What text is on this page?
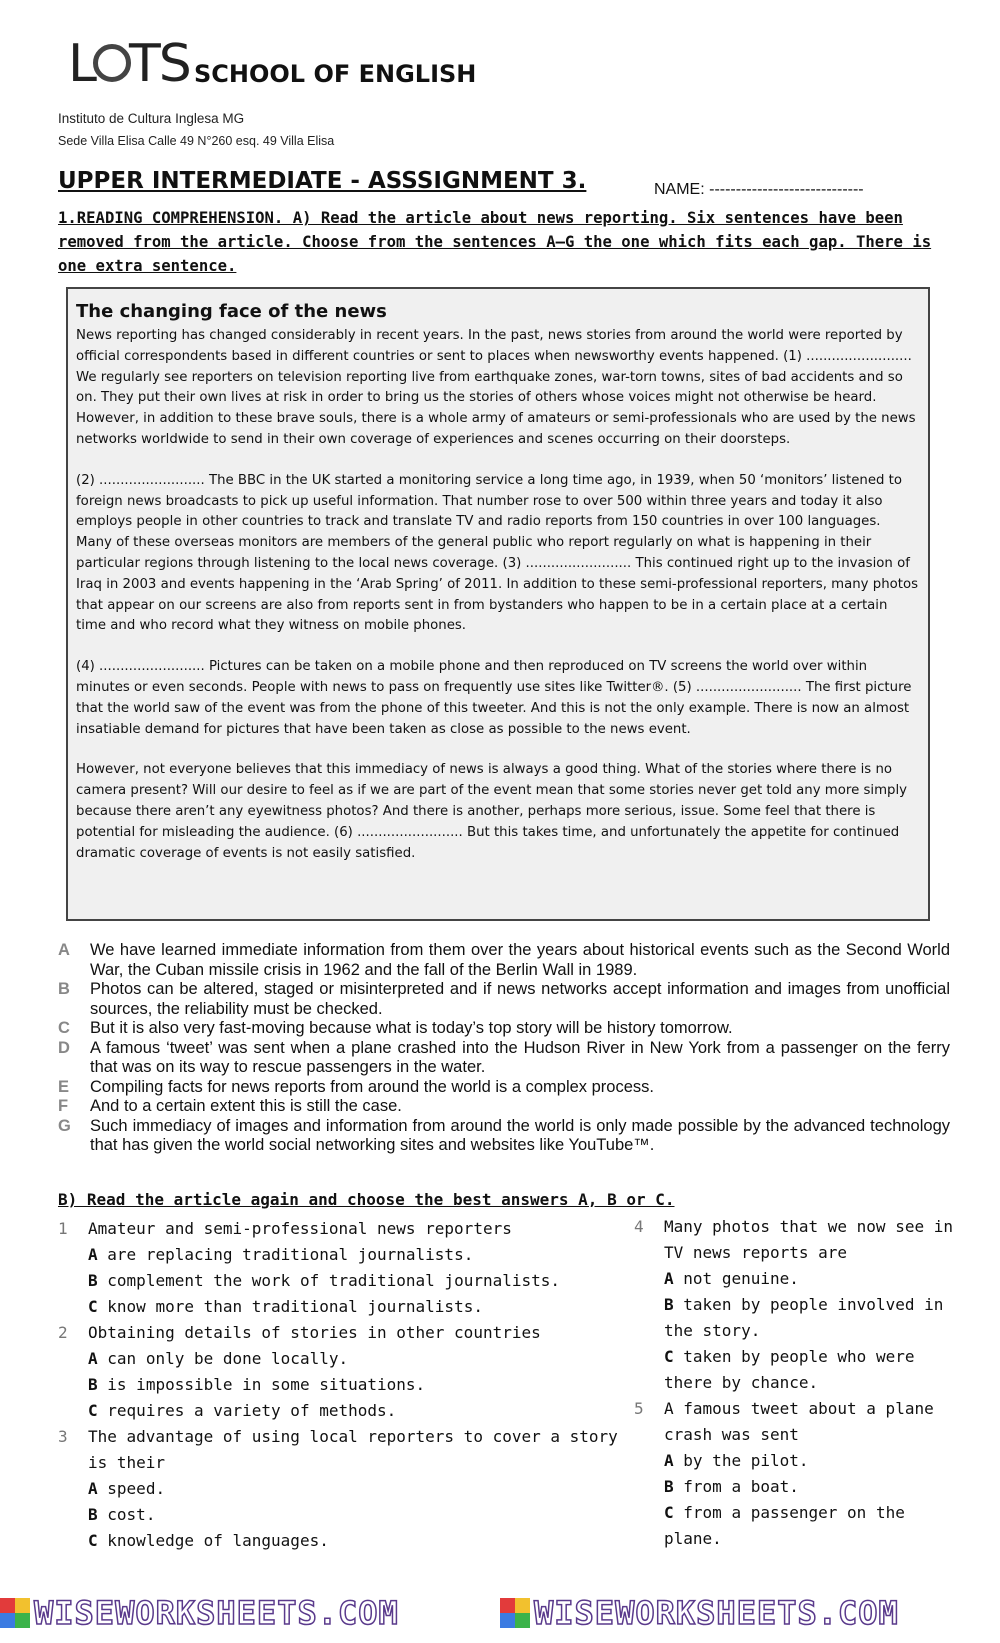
L TS SCHOOL OF ENGLISH
Instituto de Cultura Inglesa MG
Sede Villa Elisa Calle 49 N°260 esq. 49 Villa Elisa
UPPER INTERMEDIATE - ASSSIGNMENT 3.	NAME: -----------------------------
1.READING COMPREHENSION. A) Read the article about news reporting. Six sentences have been removed from the article. Choose from the sentences A–G the one which fits each gap. There is one extra sentence.
The changing face of the news

News reporting has changed considerably in recent years. In the past, news stories from around the world were reported by official correspondents based in different countries or sent to places when newsworthy events happened. (1) ......................... We regularly see reporters on television reporting live from earthquake zones, war-torn towns, sites of bad accidents and so on. They put their own lives at risk in order to bring us the stories of others whose voices might not otherwise be heard. However, in addition to these brave souls, there is a whole army of amateurs or semi-professionals who are used by the news networks worldwide to send in their own coverage of experiences and scenes occurring on their doorsteps.

(2) ......................... The BBC in the UK started a monitoring service a long time ago, in 1939, when 50 ‘monitors’ listened to foreign news broadcasts to pick up useful information. That number rose to over 500 within three years and today it also employs people in other countries to track and translate TV and radio reports from 150 countries in over 100 languages. Many of these overseas monitors are members of the general public who report regularly on what is happening in their particular regions through listening to the local news coverage. (3) ......................... This continued right up to the invasion of Iraq in 2003 and events happening in the ‘Arab Spring’ of 2011. In addition to these semi-professional reporters, many photos that appear on our screens are also from reports sent in from bystanders who happen to be in a certain place at a certain time and who record what they witness on mobile phones.

(4) ......................... Pictures can be taken on a mobile phone and then reproduced on TV screens the world over within minutes or even seconds. People with news to pass on frequently use sites like Twitter®. (5) ......................... The first picture that the world saw of the event was from the phone of this tweeter. And this is not the only example. There is now an almost insatiable demand for pictures that have been taken as close as possible to the news event.

However, not everyone believes that this immediacy of news is always a good thing. What of the stories where there is no camera present? Will our desire to feel as if we are part of the event mean that some stories never get told any more simply because there aren’t any eyewitness photos? And there is another, perhaps more serious, issue. Some feel that there is potential for misleading the audience. (6) ......................... But this takes time, and unfortunately the appetite for continued dramatic coverage of events is not easily satisfied.

A	We have learned immediate information from them over the years about historical events such as the Second World War, the Cuban missile crisis in 1962 and the fall of the Berlin Wall in 1989.
B	Photos can be altered, staged or misinterpreted and if news networks accept information and images from unofficial sources, the reliability must be checked.
C	But it is also very fast-moving because what is today’s top story will be history tomorrow.
D	A famous ‘tweet’ was sent when a plane crashed into the Hudson River in New York from a passenger on the ferry that was on its way to rescue passengers in the water.
E	Compiling facts for news reports from around the world is a complex process.
F	And to a certain extent this is still the case.
G	Such immediacy of images and information from around the world is only made possible by the advanced technology that has given the world social networking sites and websites like YouTube™.
B) Read the article again and choose the best answers A, B or C.
1	Amateur and semi-professional news reporters
A are replacing traditional journalists.
B complement the work of traditional journalists.
C know more than traditional journalists.
2	Obtaining details of stories in other countries
A can only be done locally.
B is impossible in some situations.
C requires a variety of methods.
3	The advantage of using local reporters to cover a story is their
A speed.
B cost.
C knowledge of languages.
4	Many photos that we now see in TV news reports are
A not genuine.
B taken by people involved in the story.
C taken by people who were there by chance.
5	A famous tweet about a plane crash was sent
A by the pilot.
B from a boat.
C from a passenger on the plane.
WISEWORKSHEETS.COM	WISEWORKSHEETS.COM
